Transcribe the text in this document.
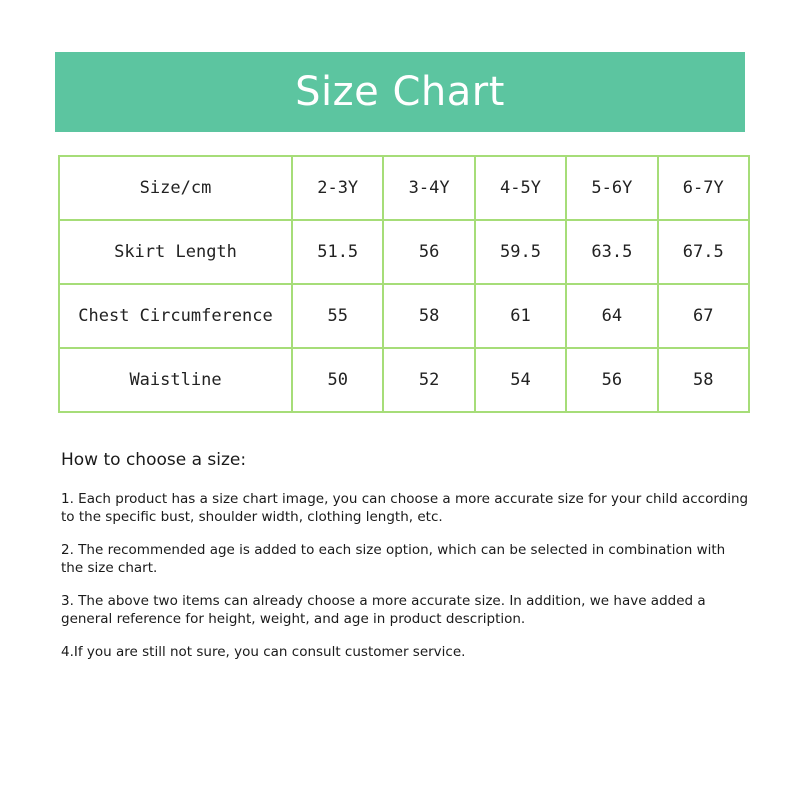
Size Chart
Size/cm	2-3Y	3-4Y	4-5Y	5-6Y	6-7Y
Skirt Length	51.5	56	59.5	63.5	67.5
Chest Circumference	55	58	61	64	67
Waistline	50	52	54	56	58

How to choose a size:

1. Each product has a size chart image, you can choose a more accurate size for your child according to the specific bust, shoulder width, clothing length, etc.

2. The recommended age is added to each size option, which can be selected in combination with the size chart.

3. The above two items can already choose a more accurate size. In addition, we have added a general reference for height, weight, and age in product description.

4.If you are still not sure, you can consult customer service.
